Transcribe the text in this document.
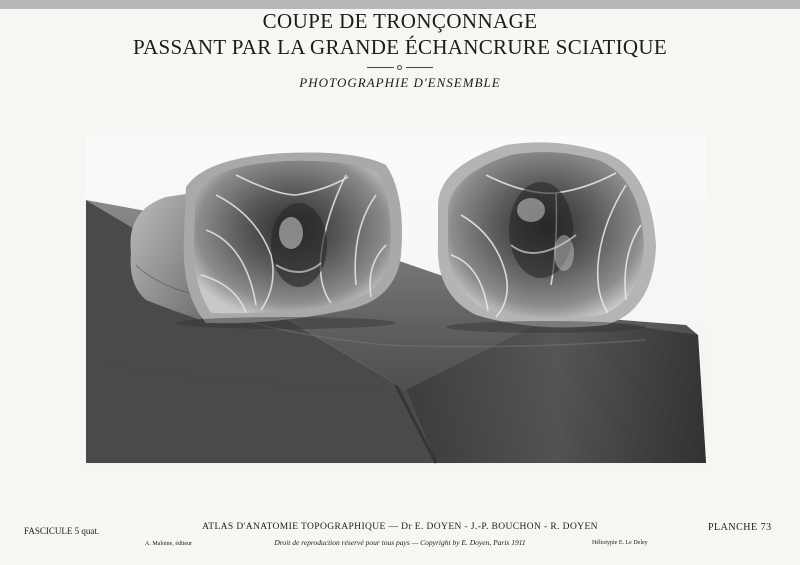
COUPE DE TRONÇONNAGE
PASSANT PAR LA GRANDE ÉCHANCRURE SCIATIQUE
PHOTOGRAPHIE D'ENSEMBLE
FASCICULE 5 quat.	ATLAS D'ANATOMIE TOPOGRAPHIQUE — Dr E. DOYEN - J.-P. BOUCHON - R. DOYEN	PLANCHE 73
A. Maloine, éditeur	Droit de reproduction réservé pour tous pays — Copyright by E. Doyen, Paris 1911	Héliotypie E. Le Deley
